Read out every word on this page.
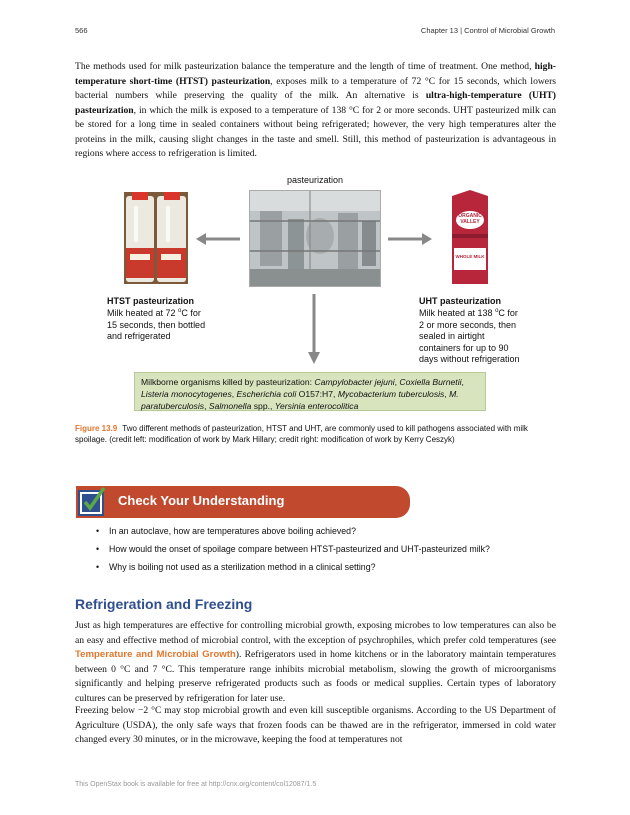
566	Chapter 13 | Control of Microbial Growth

The methods used for milk pasteurization balance the temperature and the length of time of treatment. One method, high-temperature short-time (HTST) pasteurization, exposes milk to a temperature of 72 °C for 15 seconds, which lowers bacterial numbers while preserving the quality of the milk. An alternative is ultra-high-temperature (UHT) pasteurization, in which the milk is exposed to a temperature of 138 °C for 2 or more seconds. UHT pasteurized milk can be stored for a long time in sealed containers without being refrigerated; however, the very high temperatures alter the proteins in the milk, causing slight changes in the taste and smell. Still, this method of pasteurization is advantageous in regions where access to refrigeration is limited.

pasteurization
ORGANIC
VALLEY
WHOLE MILK
HTST pasteurization
Milk heated at 72 $^o$C for
15 seconds, then bottled
and refrigerated
UHT pasteurization
Milk heated at 138 $^o$C for
2 or more seconds, then
sealed in airtight
containers for up to 90
days without refrigeration
Milkborne organisms killed by pasteurization: Campylobacter jejuni, Coxiella Burnetii, Listeria monocytogenes, Escherichia coli O157:H7, Mycobacterium tuberculosis, M. paratuberculosis, Salmonella spp., Yersinia enterocolitica
Figure 13.9 Two different methods of pasteurization, HTST and UHT, are commonly used to kill pathogens associated with milk spoilage. (credit left: modification of work by Mark Hillary; credit right: modification of work by Kerry Ceszyk)
Check Your Understanding
• In an autoclave, how are temperatures above boiling achieved?
• How would the onset of spoilage compare between HTST-pasteurized and UHT-pasteurized milk?
• Why is boiling not used as a sterilization method in a clinical setting?
Refrigeration and Freezing

Just as high temperatures are effective for controlling microbial growth, exposing microbes to low temperatures can also be an easy and effective method of microbial control, with the exception of psychrophiles, which prefer cold temperatures (see Temperature and Microbial Growth). Refrigerators used in home kitchens or in the laboratory maintain temperatures between 0 °C and 7 °C. This temperature range inhibits microbial metabolism, slowing the growth of microorganisms significantly and helping preserve refrigerated products such as foods or medical supplies. Certain types of laboratory cultures can be preserved by refrigeration for later use.

Freezing below −2 °C may stop microbial growth and even kill susceptible organisms. According to the US Department of Agriculture (USDA), the only safe ways that frozen foods can be thawed are in the refrigerator, immersed in cold water changed every 30 minutes, or in the microwave, keeping the food at temperatures not

This OpenStax book is available for free at http://cnx.org/content/col12087/1.5
